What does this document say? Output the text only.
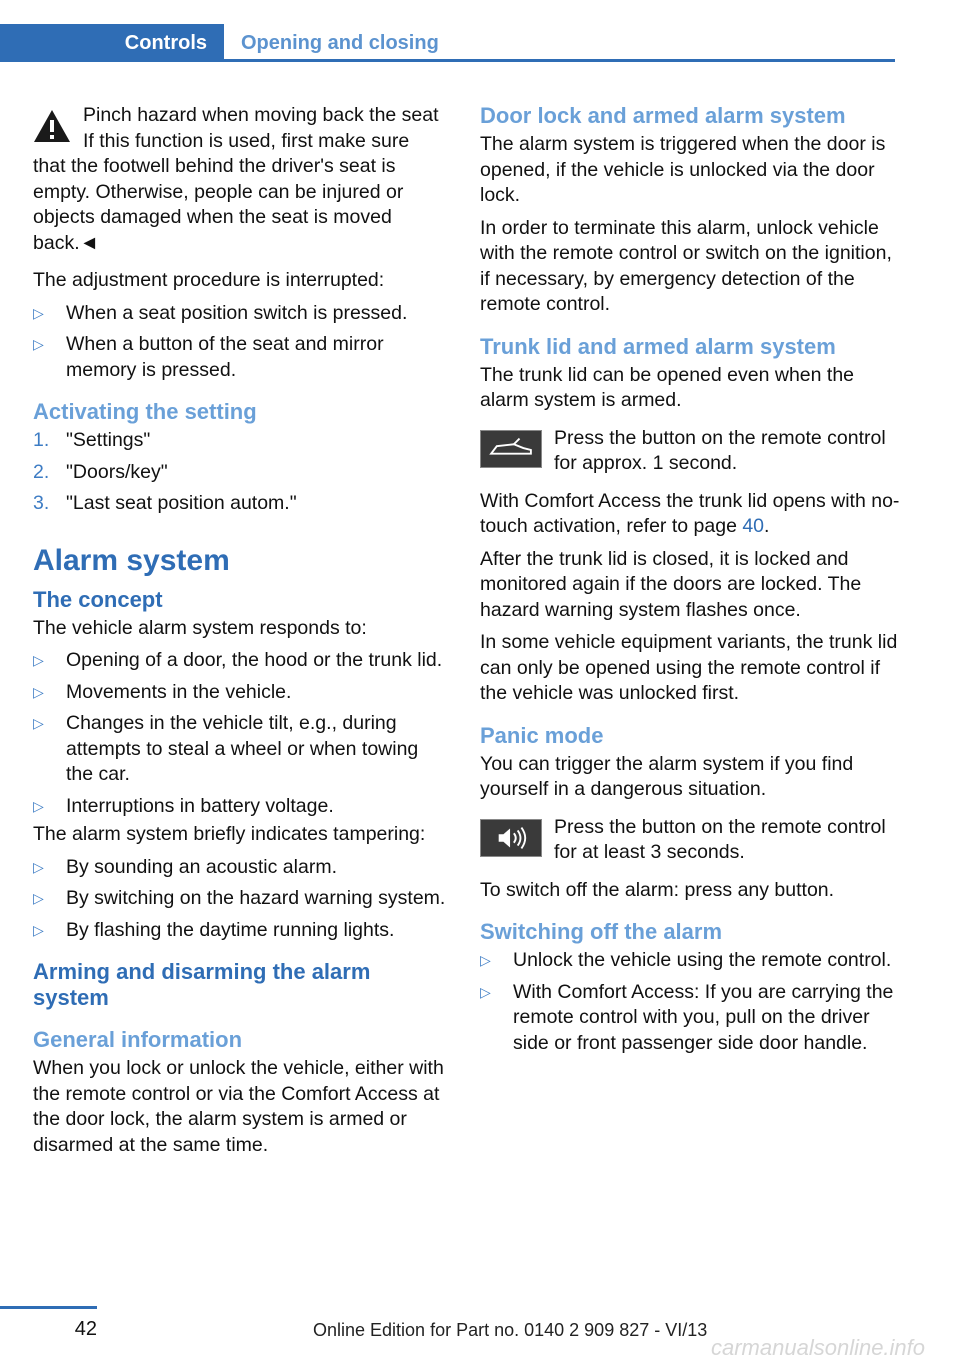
Controls	Opening and closing
Pinch hazard when moving back the seat
If this function is used, first make sure
that the footwell behind the driver's seat is empty. Otherwise, people can be injured or objects damaged when the seat is moved back.◄

The adjustment procedure is interrupted:

▷ When a seat position switch is pressed.
▷ When a button of the seat and mirror memory is pressed.
Activating the setting
1. "Settings"
2. "Doors/key"
3. "Last seat position autom."
Alarm system
The concept

The vehicle alarm system responds to:

▷ Opening of a door, the hood or the trunk lid.
▷ Movements in the vehicle.
▷ Changes in the vehicle tilt, e.g., during attempts to steal a wheel or when towing the car.
▷ Interruptions in battery voltage.

The alarm system briefly indicates tampering:

▷ By sounding an acoustic alarm.
▷ By switching on the hazard warning system.
▷ By flashing the daytime running lights.
Arming and disarming the alarm system
General information

When you lock or unlock the vehicle, either with the remote control or via the Comfort Access at the door lock, the alarm system is armed or disarmed at the same time.

Door lock and armed alarm system

The alarm system is triggered when the door is opened, if the vehicle is unlocked via the door lock.

In order to terminate this alarm, unlock vehicle with the remote control or switch on the ignition, if necessary, by emergency detection of the remote control.

Trunk lid and armed alarm system

The trunk lid can be opened even when the alarm system is armed.

Press the button on the remote control for approx. 1 second.

With Comfort Access the trunk lid opens with no-touch activation, refer to page 40.

After the trunk lid is closed, it is locked and monitored again if the doors are locked. The hazard warning system flashes once.

In some vehicle equipment variants, the trunk lid can only be opened using the remote control if the vehicle was unlocked first.

Panic mode

You can trigger the alarm system if you find yourself in a dangerous situation.

Press the button on the remote control for at least 3 seconds.

To switch off the alarm: press any button.

Switching off the alarm
▷ Unlock the vehicle using the remote control.
▷ With Comfort Access: If you are carrying the remote control with you, pull on the driver side or front passenger side door handle.
42	Online Edition for Part no. 0140 2 909 827 - VI/13
carmanualsonline.info
